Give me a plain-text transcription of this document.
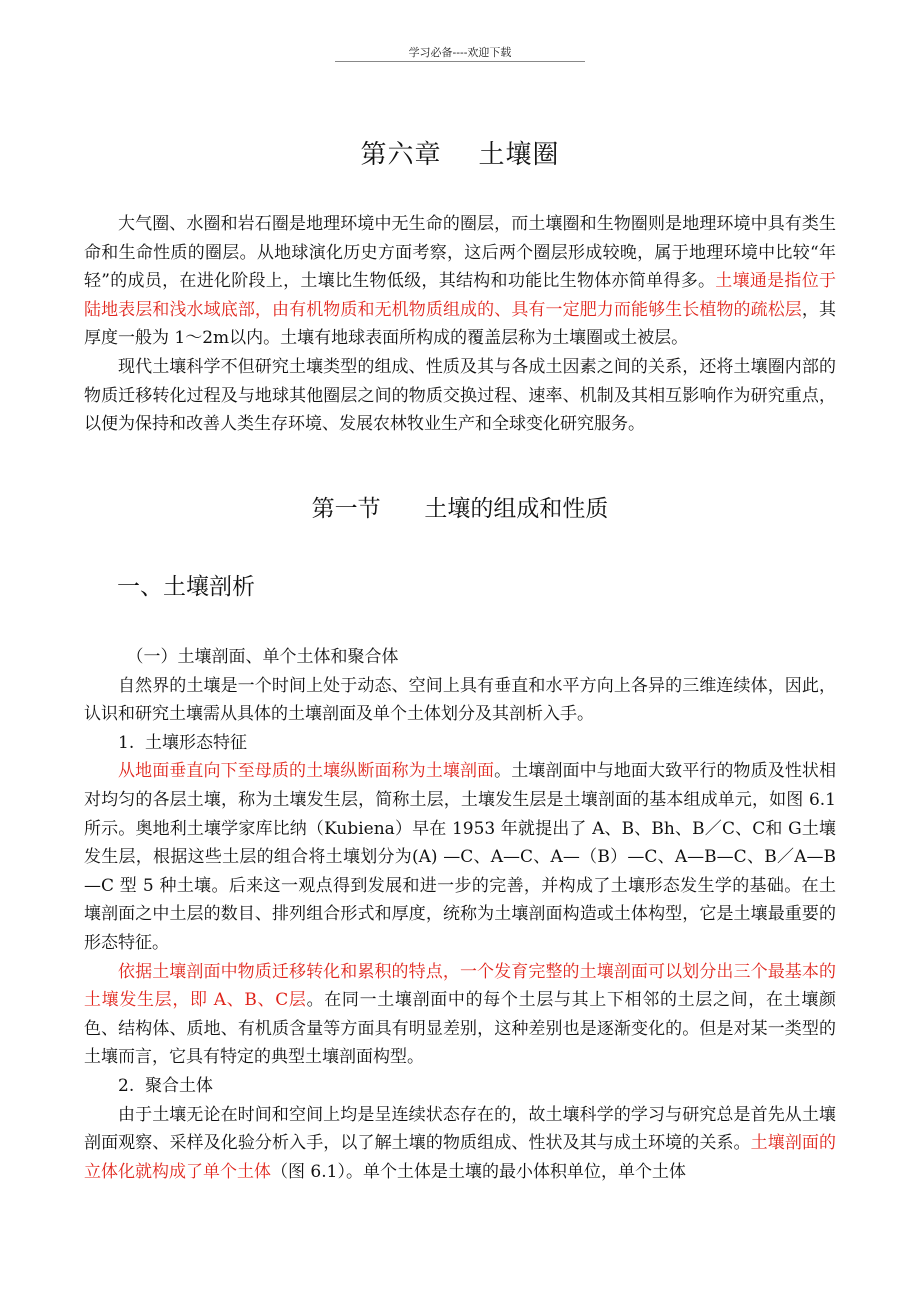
学习必备----欢迎下载
第六章    土壤圈

大气圈、水圈和岩石圈是地理环境中无生命的圈层，而土壤圈和生物圈则是地理环境中具有类生命和生命性质的圈层。从地球演化历史方面考察，这后两个圈层形成较晚，属于地理环境中比较“年轻”的成员，在进化阶段上，土壤比生物低级，其结构和功能比生物体亦简单得多。土壤通是指位于陆地表层和浅水域底部，由有机物质和无机物质组成的、具有一定肥力而能够生长植物的疏松层，其厚度一般为 1～2m以内。土壤有地球表面所构成的覆盖层称为土壤圈或土被层。

现代土壤科学不但研究土壤类型的组成、性质及其与各成土因素之间的关系，还将土壤圈内部的物质迁移转化过程及与地球其他圈层之间的物质交换过程、速率、机制及其相互影响作为研究重点，以便为保持和改善人类生存环境、发展农林牧业生产和全球变化研究服务。

第一节      土壤的组成和性质
一、土壤剖析

（一）土壤剖面、单个土体和聚合体

自然界的土壤是一个时间上处于动态、空间上具有垂直和水平方向上各异的三维连续体，因此，认识和研究土壤需从具体的土壤剖面及单个土体划分及其剖析入手。

1.  土壤形态特征

从地面垂直向下至母质的土壤纵断面称为土壤剖面。土壤剖面中与地面大致平行的物质及性状相对均匀的各层土壤，称为土壤发生层，简称土层，土壤发生层是土壤剖面的基本组成单元，如图 6.1 所示。奥地利土壤学家库比纳（Kubiena）早在 1953 年就提出了 A、B、Bh、B／C、C和 G土壤发生层，根据这些土层的组合将土壤划分为(A) —C、A—C、A—（B）—C、A—B—C、B／A—B—C 型 5 种土壤。后来这一观点得到发展和进一步的完善，并构成了土壤形态发生学的基础。在土壤剖面之中土层的数目、排列组合形式和厚度，统称为土壤剖面构造或土体构型，它是土壤最重要的形态特征。

依据土壤剖面中物质迁移转化和累积的特点，一个发育完整的土壤剖面可以划分出三个最基本的土壤发生层，即 A、B、C层。在同一土壤剖面中的每个土层与其上下相邻的土层之间，在土壤颜色、结构体、质地、有机质含量等方面具有明显差别，这种差别也是逐渐变化的。但是对某一类型的土壤而言，它具有特定的典型土壤剖面构型。

2.  聚合土体

由于土壤无论在时间和空间上均是呈连续状态存在的，故土壤科学的学习与研究总是首先从土壤剖面观察、采样及化验分析入手，以了解土壤的物质组成、性状及其与成土环境的关系。土壤剖面的立体化就构成了单个土体（图 6.1）。单个土体是土壤的最小体积单位，单个土体
